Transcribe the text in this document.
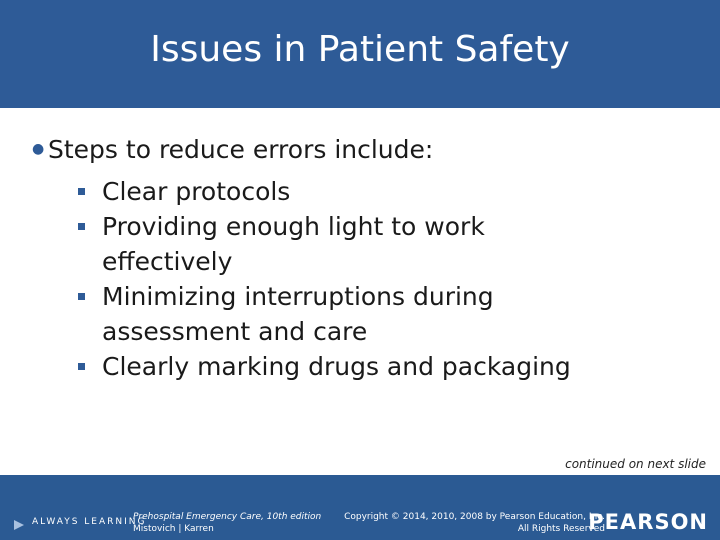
Issues in Patient Safety
● Steps to reduce errors include:
Clear protocols
Providing enough light to work
effectively
Minimizing interruptions during
assessment and care
Clearly marking drugs and packaging
continued on next slide
ALWAYS LEARNING
Prehospital Emergency Care, 10th edition
Mistovich | Karren
Copyright © 2014, 2010, 2008 by Pearson Education, Inc.
All Rights Reserved
PEARSON
